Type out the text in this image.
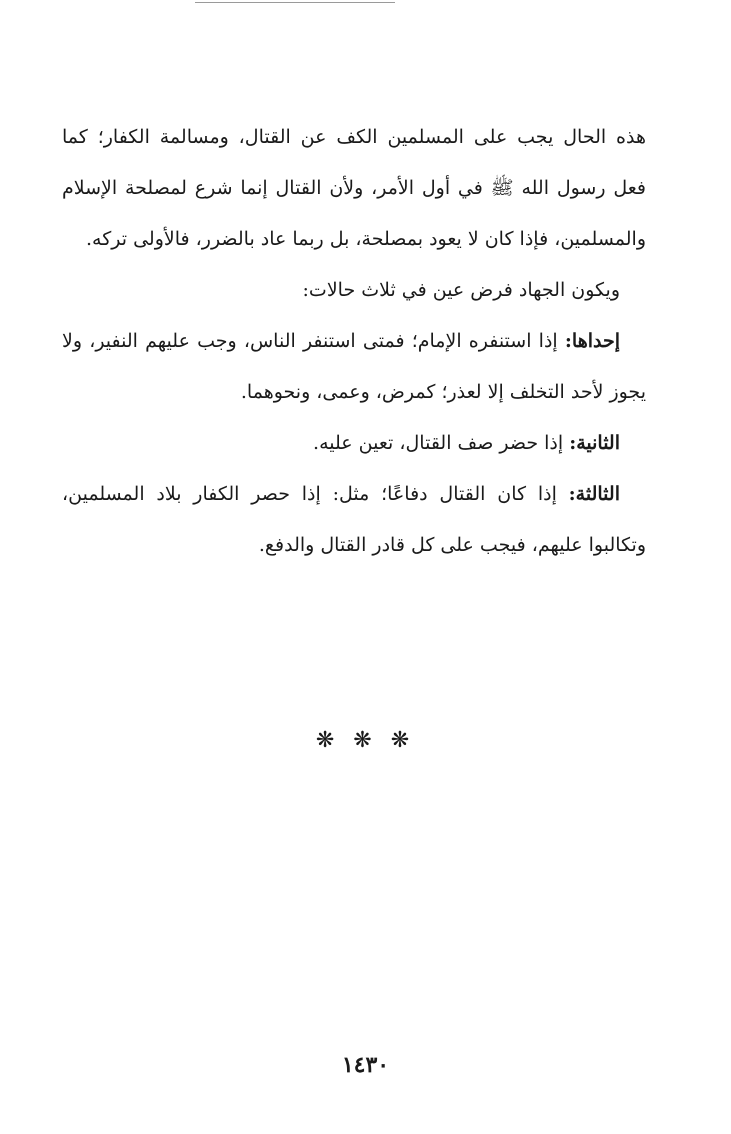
هذه الحال يجب على المسلمين الكف عن القتال، ومسالمة الكفار؛ كما فعل رسول الله ﷺ في أول الأمر، ولأن القتال إنما شرع لمصلحة الإسلام والمسلمين، فإذا كان لا يعود بمصلحة، بل ربما عاد بالضرر، فالأولى تركه.

ويكون الجهاد فرض عين في ثلاث حالات:

إحداها: إذا استنفره الإمام؛ فمتى استنفر الناس، وجب عليهم النفير، ولا يجوز لأحد التخلف إلا لعذر؛ كمرض، وعمى، ونحوهما.

الثانية: إذا حضر صف القتال، تعين عليه.

الثالثة: إذا كان القتال دفاعًا؛ مثل: إذا حصر الكفار بلاد المسلمين، وتكالبوا عليهم، فيجب على كل قادر القتال والدفع.

❋ ❋ ❋
١٤٣٠
